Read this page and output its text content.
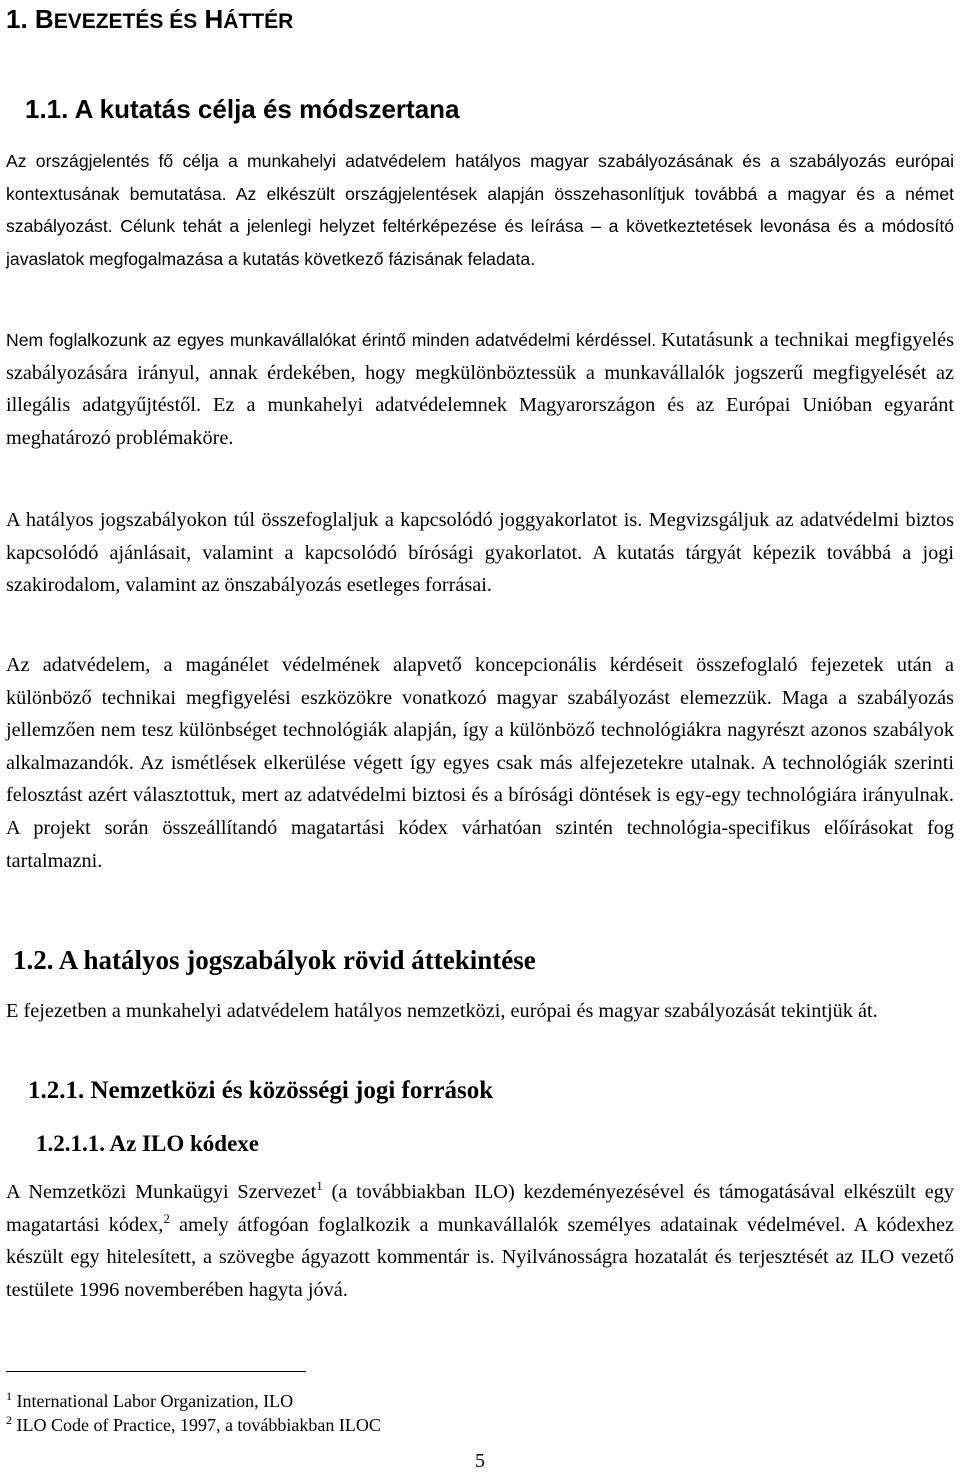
1. BEVEZETÉS ÉS HÁTTÉR
1.1. A kutatás célja és módszertana

Az országjelentés fő célja a munkahelyi adatvédelem hatályos magyar szabályozásának és a szabályozás európai kontextusának bemutatása. Az elkészült országjelentések alapján összehasonlítjuk továbbá a magyar és a német szabályozást. Célunk tehát a jelenlegi helyzet feltérképezése és leírása – a következtetések levonása és a módosító javaslatok megfogalmazása a kutatás következő fázisának feladata.

Nem foglalkozunk az egyes munkavállalókat érintő minden adatvédelmi kérdéssel. Kutatásunk a technikai megfigyelés szabályozására irányul, annak érdekében, hogy megkülönböztessük a munkavállalók jogszerű megfigyelését az illegális adatgyűjtéstől. Ez a munkahelyi adatvédelemnek Magyarországon és az Európai Unióban egyaránt meghatározó problémaköre.

A hatályos jogszabályokon túl összefoglaljuk a kapcsolódó joggyakorlatot is. Megvizsgáljuk az adatvédelmi biztos kapcsolódó ajánlásait, valamint a kapcsolódó bírósági gyakorlatot. A kutatás tárgyát képezik továbbá a jogi szakirodalom, valamint az önszabályozás esetleges forrásai.

Az adatvédelem, a magánélet védelmének alapvető koncepcionális kérdéseit összefoglaló fejezetek után a különböző technikai megfigyelési eszközökre vonatkozó magyar szabályozást elemezzük. Maga a szabályozás jellemzően nem tesz különbséget technológiák alapján, így a különböző technológiákra nagyrészt azonos szabályok alkalmazandók. Az ismétlések elkerülése végett így egyes csak más alfejezetekre utalnak. A technológiák szerinti felosztást azért választottuk, mert az adatvédelmi biztosi és a bírósági döntések is egy-egy technológiára irányulnak. A projekt során összeállítandó magatartási kódex várhatóan szintén technológia-specifikus előírásokat fog tartalmazni.

1.2. A hatályos jogszabályok rövid áttekintése

E fejezetben a munkahelyi adatvédelem hatályos nemzetközi, európai és magyar szabályozását tekintjük át.

1.2.1. Nemzetközi és közösségi jogi források
1.2.1.1. Az ILO kódexe

A Nemzetközi Munkaügyi Szervezet$^1$ (a továbbiakban ILO) kezdeményezésével és támogatásával elkészült egy magatartási kódex,$^2$ amely átfogóan foglalkozik a munkavállalók személyes adatainak védelmével. A kódexhez készült egy hitelesített, a szövegbe ágyazott kommentár is. Nyilvánosságra hozatalát és terjesztését az ILO vezető testülete 1996 novemberében hagyta jóvá.

$^1$ International Labor Organization, ILO

$^2$ ILO Code of Practice, 1997, a továbbiakban ILOC

5
